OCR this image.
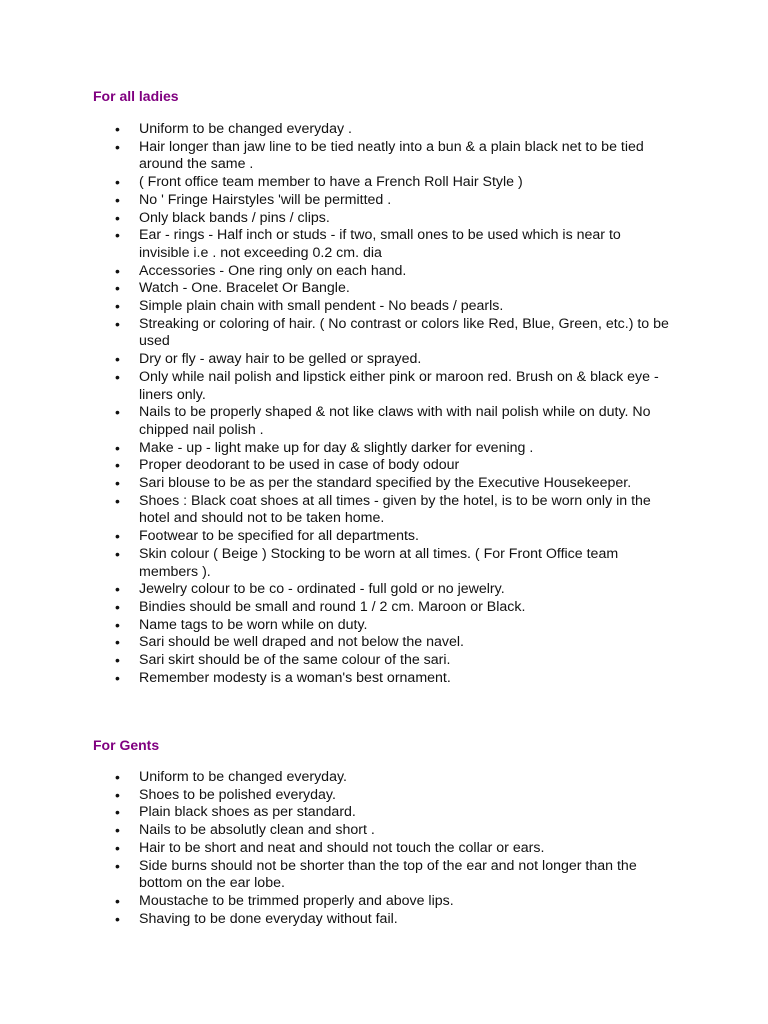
For all ladies
• Uniform to be changed everyday .
• Hair longer than jaw line to be tied neatly into a bun & a plain black net to be tied around the same .
• ( Front office team member to have a French Roll Hair Style )
• No ' Fringe Hairstyles 'will be permitted .
• Only black bands / pins / clips.
• Ear - rings - Half inch or studs - if two, small ones to be used which is near to invisible i.e . not exceeding 0.2 cm. dia
• Accessories - One ring only on each hand.
• Watch - One. Bracelet Or Bangle.
• Simple plain chain with small pendent - No beads / pearls.
• Streaking or coloring of hair. ( No contrast or colors like Red, Blue, Green, etc.) to be used
• Dry or fly - away hair to be gelled or sprayed.
• Only while nail polish and lipstick either pink or maroon red. Brush on & black eye - liners only.
• Nails to be properly shaped & not like claws with with nail polish while on duty. No chipped nail polish .
• Make - up - light make up for day & slightly darker for evening .
• Proper deodorant to be used in case of body odour
• Sari blouse to be as per the standard specified by the Executive Housekeeper.
• Shoes : Black coat shoes at all times - given by the hotel, is to be worn only in the hotel and should not to be taken home.
• Footwear to be specified for all departments.
• Skin colour ( Beige ) Stocking to be worn at all times. ( For Front Office team members ).
• Jewelry colour to be co - ordinated - full gold or no jewelry.
• Bindies should be small and round 1 / 2 cm. Maroon or Black.
• Name tags to be worn while on duty.
• Sari should be well draped and not below the navel.
• Sari skirt should be of the same colour of the sari.
• Remember modesty is a woman's best ornament.
For Gents
• Uniform to be changed everyday.
• Shoes to be polished everyday.
• Plain black shoes as per standard.
• Nails to be absolutly clean and short .
• Hair to be short and neat and should not touch the collar or ears.
• Side burns should not be shorter than the top of the ear and not longer than the bottom on the ear lobe.
• Moustache to be trimmed properly and above lips.
• Shaving to be done everyday without fail.
